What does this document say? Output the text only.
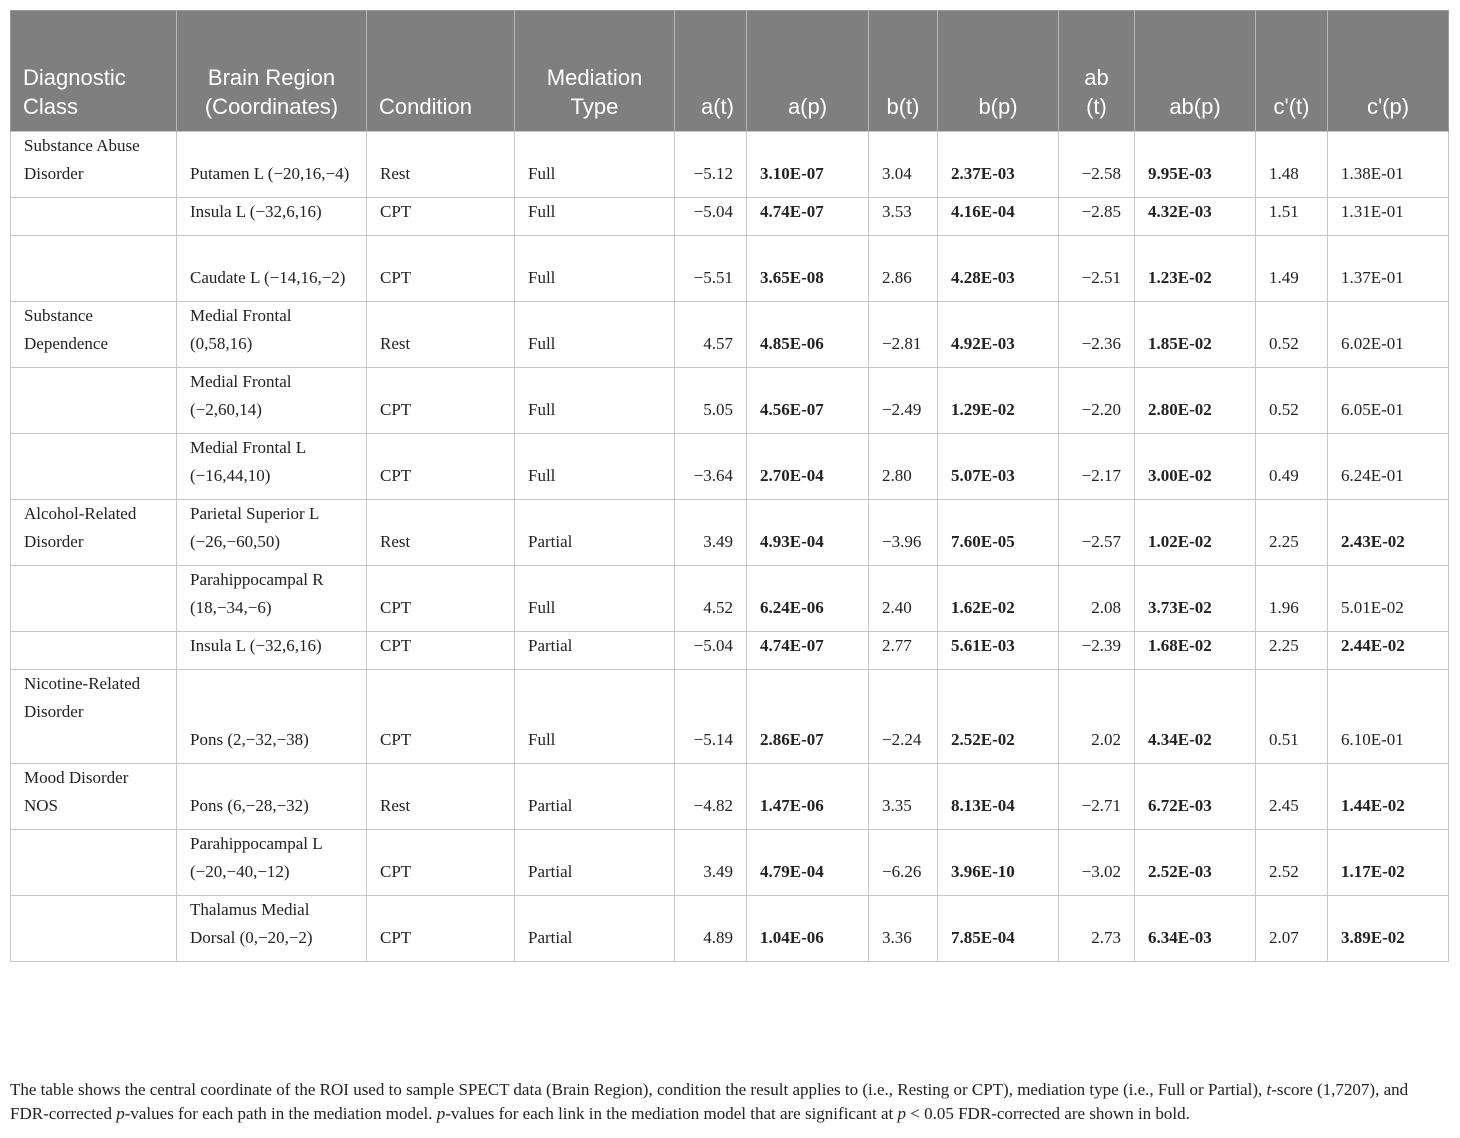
Diagnostic Class	Brain Region (Coordinates)	Condition	Mediation Type	a(t)	a(p)	b(t)	b(p)	ab (t)	ab(p)	c'(t)	c'(p)
Substance Abuse Disorder	Putamen L (−20,16,−4)	Rest	Full	−5.12	3.10E-07	3.04	2.37E-03	−2.58	9.95E-03	1.48	1.38E-01
	Insula L (−32,6,16)	CPT	Full	−5.04	4.74E-07	3.53	4.16E-04	−2.85	4.32E-03	1.51	1.31E-01
	Caudate L (−14,16,−2)	CPT	Full	−5.51	3.65E-08	2.86	4.28E-03	−2.51	1.23E-02	1.49	1.37E-01
Substance Dependence	Medial Frontal (0,58,16)	Rest	Full	4.57	4.85E-06	−2.81	4.92E-03	−2.36	1.85E-02	0.52	6.02E-01
	Medial Frontal (−2,60,14)	CPT	Full	5.05	4.56E-07	−2.49	1.29E-02	−2.20	2.80E-02	0.52	6.05E-01
	Medial Frontal L (−16,44,10)	CPT	Full	−3.64	2.70E-04	2.80	5.07E-03	−2.17	3.00E-02	0.49	6.24E-01
Alcohol-Related Disorder	Parietal Superior L (−26,−60,50)	Rest	Partial	3.49	4.93E-04	−3.96	7.60E-05	−2.57	1.02E-02	2.25	2.43E-02
	Parahippocampal R (18,−34,−6)	CPT	Full	4.52	6.24E-06	2.40	1.62E-02	2.08	3.73E-02	1.96	5.01E-02
	Insula L (−32,6,16)	CPT	Partial	−5.04	4.74E-07	2.77	5.61E-03	−2.39	1.68E-02	2.25	2.44E-02
Nicotine-Related Disorder	Pons (2,−32,−38)	CPT	Full	−5.14	2.86E-07	−2.24	2.52E-02	2.02	4.34E-02	0.51	6.10E-01
Mood Disorder NOS	Pons (6,−28,−32)	Rest	Partial	−4.82	1.47E-06	3.35	8.13E-04	−2.71	6.72E-03	2.45	1.44E-02
	Parahippocampal L (−20,−40,−12)	CPT	Partial	3.49	4.79E-04	−6.26	3.96E-10	−3.02	2.52E-03	2.52	1.17E-02
	Thalamus Medial Dorsal (0,−20,−2)	CPT	Partial	4.89	1.04E-06	3.36	7.85E-04	2.73	6.34E-03	2.07	3.89E-02
The table shows the central coordinate of the ROI used to sample SPECT data (Brain Region), condition the result applies to (i.e., Resting or CPT), mediation type (i.e., Full or Partial), t-score (1,7207), and FDR-corrected p-values for each path in the mediation model. p-values for each link in the mediation model that are significant at p < 0.05 FDR-corrected are shown in bold.
